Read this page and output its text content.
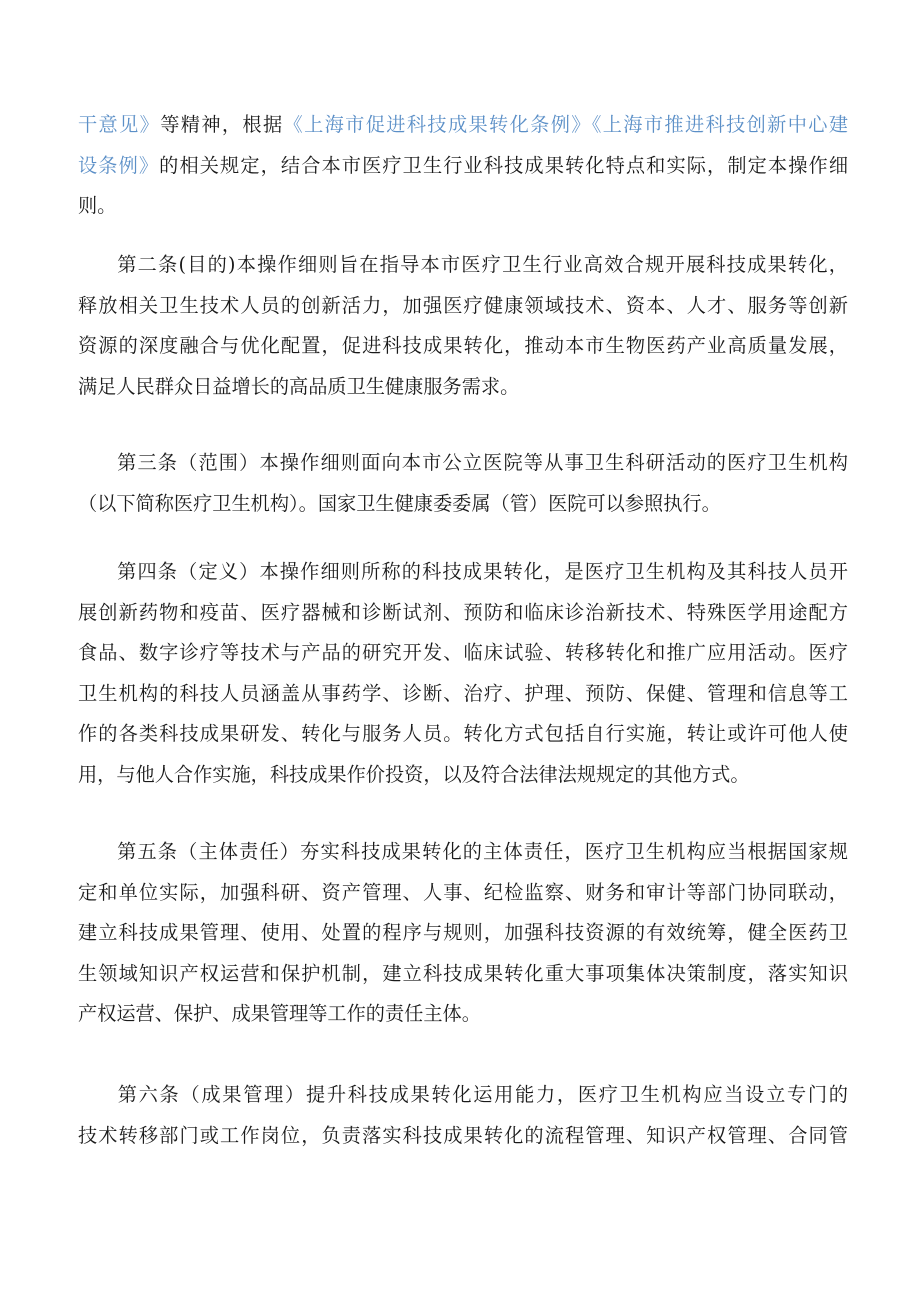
干意见》等精神，根据《上海市促进科技成果转化条例》《上海市推进科技创新中心建
设条例》的相关规定，结合本市医疗卫生行业科技成果转化特点和实际，制定本操作细
则。
第二条(目的)本操作细则旨在指导本市医疗卫生行业高效合规开展科技成果转化，
释放相关卫生技术人员的创新活力，加强医疗健康领域技术、资本、人才、服务等创新
资源的深度融合与优化配置，促进科技成果转化，推动本市生物医药产业高质量发展，
满足人民群众日益增长的高品质卫生健康服务需求。
第三条（范围）本操作细则面向本市公立医院等从事卫生科研活动的医疗卫生机构
（以下简称医疗卫生机构）。国家卫生健康委委属（管）医院可以参照执行。
第四条（定义）本操作细则所称的科技成果转化，是医疗卫生机构及其科技人员开
展创新药物和疫苗、医疗器械和诊断试剂、预防和临床诊治新技术、特殊医学用途配方
食品、数字诊疗等技术与产品的研究开发、临床试验、转移转化和推广应用活动。医疗
卫生机构的科技人员涵盖从事药学、诊断、治疗、护理、预防、保健、管理和信息等工
作的各类科技成果研发、转化与服务人员。转化方式包括自行实施，转让或许可他人使
用，与他人合作实施，科技成果作价投资，以及符合法律法规规定的其他方式。
第五条（主体责任）夯实科技成果转化的主体责任，医疗卫生机构应当根据国家规
定和单位实际，加强科研、资产管理、人事、纪检监察、财务和审计等部门协同联动，
建立科技成果管理、使用、处置的程序与规则，加强科技资源的有效统筹，健全医药卫
生领域知识产权运营和保护机制，建立科技成果转化重大事项集体决策制度，落实知识
产权运营、保护、成果管理等工作的责任主体。
第六条（成果管理）提升科技成果转化运用能力，医疗卫生机构应当设立专门的
技术转移部门或工作岗位，负责落实科技成果转化的流程管理、知识产权管理、合同管
